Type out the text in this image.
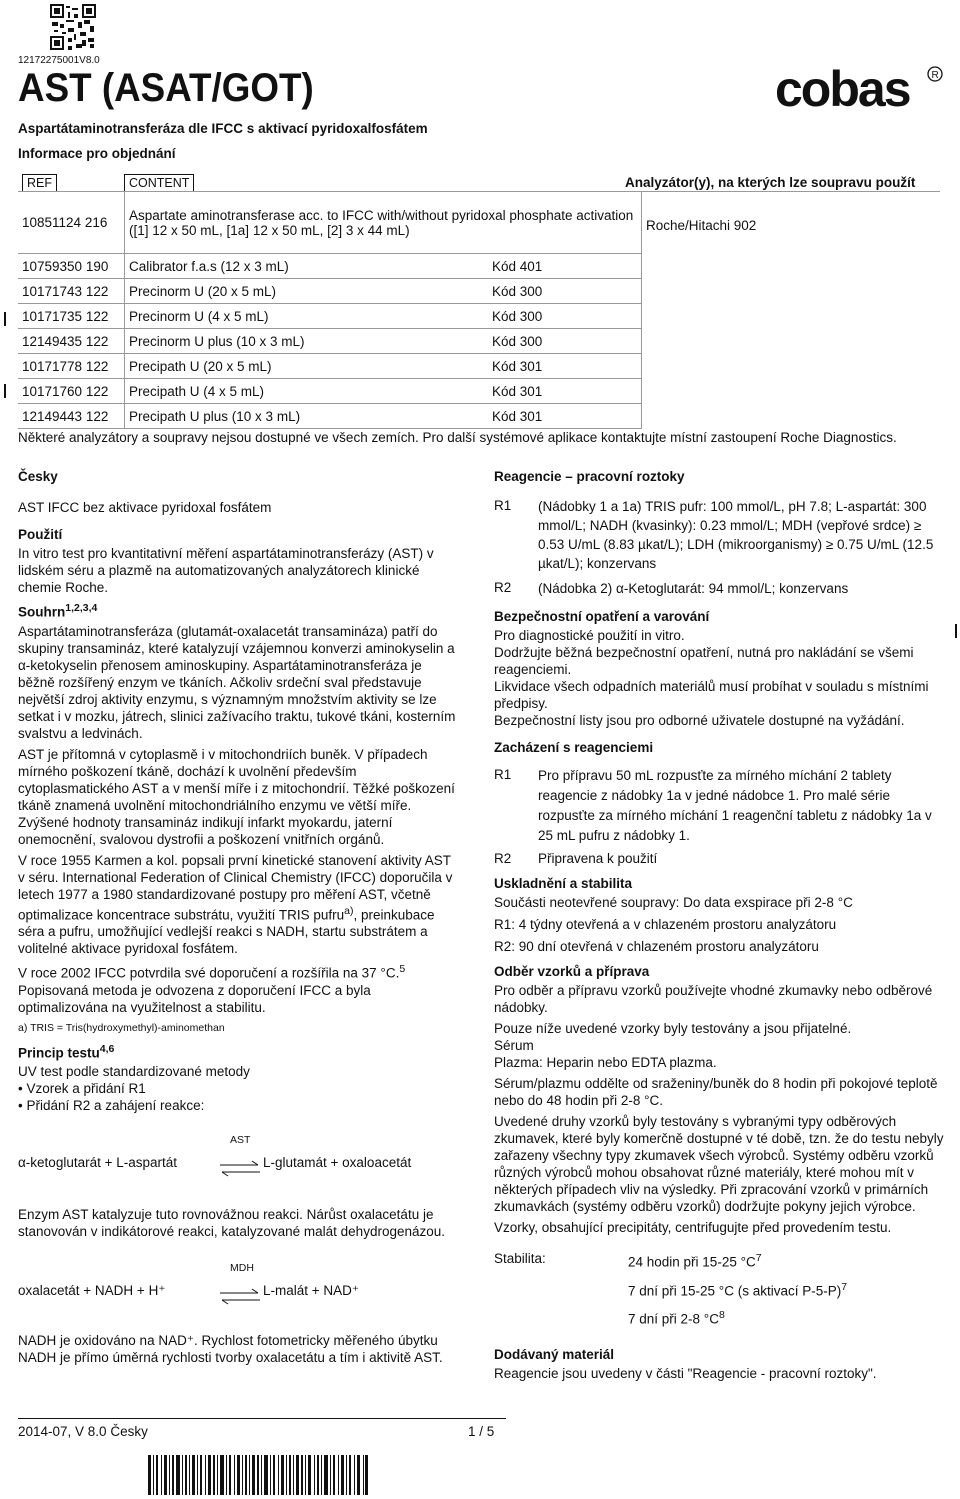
12172275001V8.0
AST (ASAT/GOT)
Aspartátaminotransferáza dle IFCC s aktivací pyridoxalfosfátem
Informace pro objednání
cobas R
REF	CONTENT	Analyzátor(y), na kterých lze soupravu použít
10851124 216	Aspartate aminotransferase acc. to IFCC with/without pyridoxal phosphate activation ([1] 12 x 50 mL, [1a] 12 x 50 mL, [2] 3 x 44 mL)		Roche/Hitachi 902
10759350 190	Calibrator f.a.s (12 x 3 mL)	Kód 401	
10171743 122	Precinorm U (20 x 5 mL)	Kód 300	
10171735 122	Precinorm U (4 x 5 mL)	Kód 300	
12149435 122	Precinorm U plus (10 x 3 mL)	Kód 300	
10171778 122	Precipath U (20 x 5 mL)	Kód 301	
10171760 122	Precipath U (4 x 5 mL)	Kód 301	
12149443 122	Precipath U plus (10 x 3 mL)	Kód 301	
Některé analyzátory a soupravy nejsou dostupné ve všech zemích. Pro další systémové aplikace kontaktujte místní zastoupení Roche Diagnostics.

Česky

AST IFCC bez aktivace pyridoxal fosfátem

Použití

In vitro test pro kvantitativní měření aspartátaminotransferázy (AST) v lidském séru a plazmě na automatizovaných analyzátorech klinické chemie Roche.

Souhrn$^{1,2,3,4}$

Aspartátaminotransferáza (glutamát-oxalacetát transamináza) patří do skupiny transamináz, které katalyzují vzájemnou konverzi aminokyselin a α-ketokyselin přenosem aminoskupiny. Aspartátaminotransferáza je běžně rozšířený enzym ve tkáních. Ačkoliv srdeční sval představuje největší zdroj aktivity enzymu, s významným množstvím aktivity se lze setkat i v mozku, játrech, slinici zažívacího traktu, tukové tkáni, kosterním svalstvu a ledvinách.

AST je přítomná v cytoplasmě i v mitochondriích buněk. V případech mírného poškození tkáně, dochází k uvolnění především cytoplasmatického AST a v menší míře i z mitochondrií. Těžké poškození tkáně znamená uvolnění mitochondriálního enzymu ve větší míře. Zvýšené hodnoty transamináz indikují infarkt myokardu, jaterní onemocnění, svalovou dystrofii a poškození vnitřních orgánů.

V roce 1955 Karmen a kol. popsali první kinetické stanovení aktivity AST v séru. International Federation of Clinical Chemistry (IFCC) doporučila v letech 1977 a 1980 standardizované postupy pro měření AST, včetně optimalizace koncentrace substrátu, využití TRIS pufru$^{a)}$, preinkubace séra a pufru, umožňující vedlejší reakci s NADH, startu substrátem a volitelné aktivace pyridoxal fosfátem.

V roce 2002 IFCC potvrdila své doporučení a rozšířila na 37 °C.$^5$ Popisovaná metoda je odvozena z doporučení IFCC a byla optimalizována na využitelnost a stabilitu.

a) TRIS = Tris(hydroxymethyl)-aminomethan

Princip testu$^{4,6}$

UV test podle standardizované metody

• Vzorek a přidání R1

• Přidání R2 a zahájení reakce:

AST
α-ketoglutarát + L-aspartát	⇌ L-glutamát + oxaloacetát

Enzym AST katalyzuje tuto rovnovážnou reakci. Nárůst oxalacetátu je stanovován v indikátorové reakci, katalyzované malát dehydrogenázou.

MDH
oxalacetát + NADH + H⁺	⇌ L-malát + NAD⁺

NADH je oxidováno na NAD⁺. Rychlost fotometricky měřeného úbytku NADH je přímo úměrná rychlosti tvorby oxalacetátu a tím i aktivitě AST.

Reagencie – pracovní roztoky

R1	(Nádobky 1 a 1a) TRIS pufr: 100 mmol/L, pH 7.8; L-aspartát: 300 mmol/L; NADH (kvasinky): 0.23 mmol/L; MDH (vepřové srdce) ≥ 0.53 U/mL (8.83 µkat/L); LDH (mikroorganismy) ≥ 0.75 U/mL (12.5 µkat/L); konzervans
R2	(Nádobka 2) α-Ketoglutarát: 94 mmol/L; konzervans

Bezpečnostní opatření a varování

Pro diagnostické použití in vitro.

Dodržujte běžná bezpečnostní opatření, nutná pro nakládání se všemi reagenciemi.

Likvidace všech odpadních materiálů musí probíhat v souladu s místními předpisy.

Bezpečnostní listy jsou pro odborné uživatele dostupné na vyžádání.

Zacházení s reagenciemi

R1	Pro přípravu 50 mL rozpusťte za mírného míchání 2 tablety reagencie z nádobky 1a v jedné nádobce 1. Pro malé série rozpusťte za mírného míchání 1 reagenční tabletu z nádobky 1a v 25 mL pufru z nádobky 1.
R2	Připravena k použití

Uskladnění a stabilita

Součásti neotevřené soupravy: Do data exspirace při 2-8 °C

R1: 4 týdny otevřená a v chlazeném prostoru analyzátoru

R2: 90 dní otevřená v chlazeném prostoru analyzátoru

Odběr vzorků a příprava

Pro odběr a přípravu vzorků používejte vhodné zkumavky nebo odběrové nádobky.

Pouze níže uvedené vzorky byly testovány a jsou přijatelné.

Sérum

Plazma: Heparin nebo EDTA plazma.

Sérum/plazmu oddělte od sraženiny/buněk do 8 hodin při pokojové teplotě nebo do 48 hodin při 2-8 °C.

Uvedené druhy vzorků byly testovány s vybranými typy odběrových zkumavek, které byly komerčně dostupné v té době, tzn. že do testu nebyly zařazeny všechny typy zkumavek všech výrobců. Systémy odběru vzorků různých výrobců mohou obsahovat různé materiály, které mohou mít v některých případech vliv na výsledky. Při zpracování vzorků v primárních zkumavkách (systémy odběru vzorků) dodržujte pokyny jejich výrobce.

Vzorky, obsahující precipitáty, centrifugujte před provedením testu.

Stabilita:	24 hodin při 15-25 $^\circ C^7$
7 dní při 15-25 °C (s aktivací P-5-P)$^7$
7 dní při 2-8 $^\circ C^8$

Dodávaný materiál

Reagencie jsou uvedeny v části "Reagencie - pracovní roztoky".

2014-07, V 8.0 Česky	1 / 5
